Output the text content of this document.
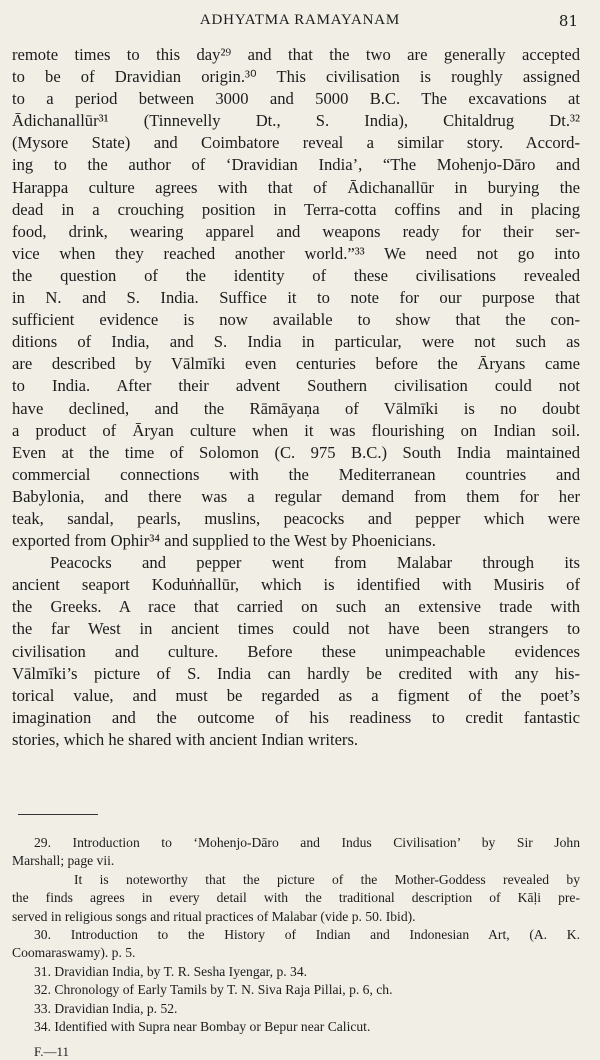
ADHYATMA RAMAYANAM	81
remote times to this day²⁹ and that the two are generally accepted
to be of Dravidian origin.³⁰ This civilisation is roughly assigned
to a period between 3000 and 5000 B.C. The excavations at
Ādichanallūr³¹ (Tinnevelly Dt., S. India), Chitaldrug Dt.³²
(Mysore State) and Coimbatore reveal a similar story. Accord-
ing to the author of ‘Dravidian India’, “The Mohenjo-Dāro and
Harappa culture agrees with that of Ādichanallūr in burying the
dead in a crouching position in Terra-cotta coffins and in placing
food, drink, wearing apparel and weapons ready for their ser-
vice when they reached another world.”³³ We need not go into
the question of the identity of these civilisations revealed
in N. and S. India. Suffice it to note for our purpose that
sufficient evidence is now available to show that the con-
ditions of India, and S. India in particular, were not such as
are described by Vālmīki even centuries before the Āryans came
to India. After their advent Southern civilisation could not
have declined, and the Rāmāyaṇa of Vālmīki is no doubt
a product of Āryan culture when it was flourishing on Indian soil.
Even at the time of Solomon (C. 975 B.C.) South India maintained
commercial connections with the Mediterranean countries and
Babylonia, and there was a regular demand from them for her
teak, sandal, pearls, muslins, peacocks and pepper which were
exported from Ophir³⁴ and supplied to the West by Phoenicians.
Peacocks and pepper went from Malabar through its
ancient seaport Koduṅṅallūr, which is identified with Musiris of
the Greeks. A race that carried on such an extensive trade with
the far West in ancient times could not have been strangers to
civilisation and culture. Before these unimpeachable evidences
Vālmīki’s picture of S. India can hardly be credited with any his-
torical value, and must be regarded as a figment of the poet’s
imagination and the outcome of his readiness to credit fantastic
stories, which he shared with ancient Indian writers.
29. Introduction to ‘Mohenjo-Dāro and Indus Civilisation’ by Sir John
Marshall; page vii.
It is noteworthy that the picture of the Mother-Goddess revealed by
the finds agrees in every detail with the traditional description of Kāḷi pre-
served in religious songs and ritual practices of Malabar (vide p. 50. Ibid).
30. Introduction to the History of Indian and Indonesian Art, (A. K.
Coomaraswamy). p. 5.
31. Dravidian India, by T. R. Sesha Iyengar, p. 34.
32. Chronology of Early Tamils by T. N. Siva Raja Pillai, p. 6, ch.
33. Dravidian India, p. 52.
34. Identified with Supra near Bombay or Bepur near Calicut.
F.—11
